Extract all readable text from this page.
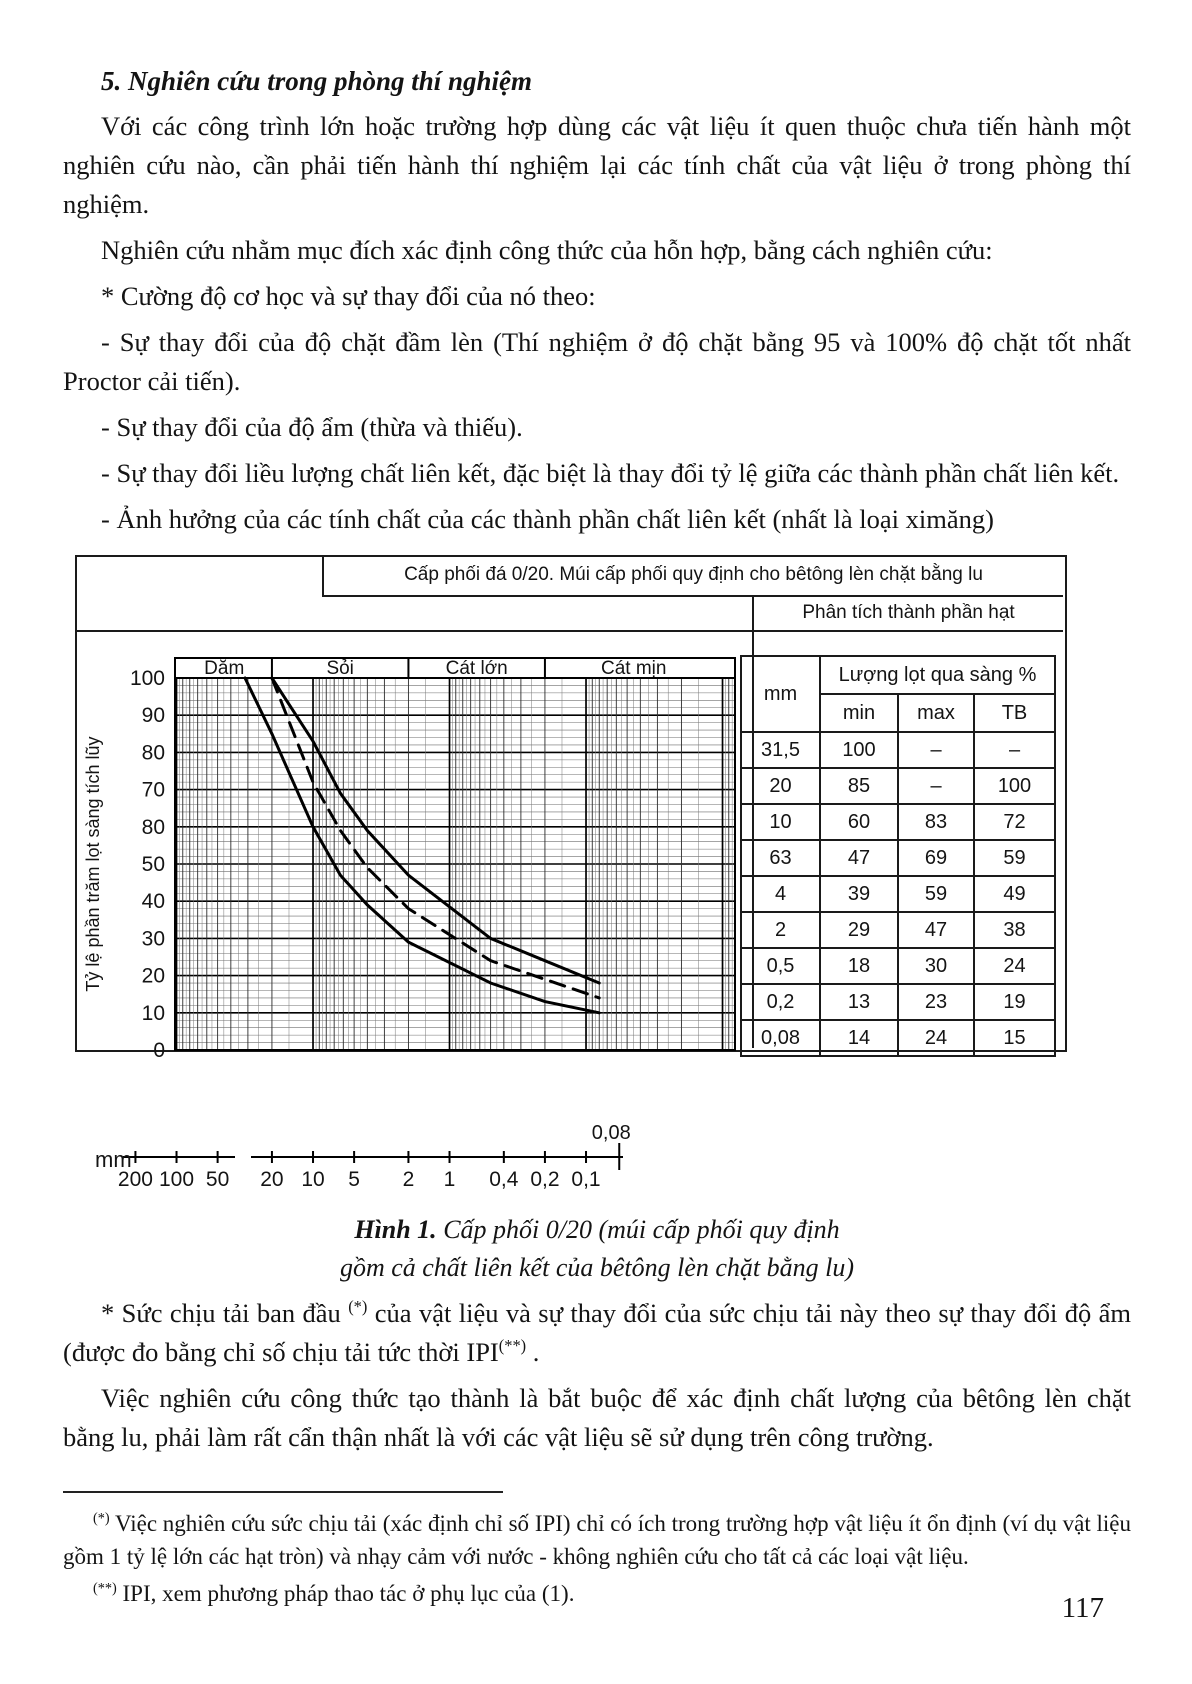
5. Nghiên cứu trong phòng thí nghiệm

Với các công trình lớn hoặc trường hợp dùng các vật liệu ít quen thuộc chưa tiến hành một nghiên cứu nào, cần phải tiến hành thí nghiệm lại các tính chất của vật liệu ở trong phòng thí nghiệm.

Nghiên cứu nhằm mục đích xác định công thức của hỗn hợp, bằng cách nghiên cứu:

* Cường độ cơ học và sự thay đổi của nó theo:

- Sự thay đổi của độ chặt đầm lèn (Thí nghiệm ở độ chặt bằng 95 và 100% độ chặt tốt nhất Proctor cải tiến).

- Sự thay đổi của độ ẩm (thừa và thiếu).

- Sự thay đổi liều lượng chất liên kết, đặc biệt là thay đổi tỷ lệ giữa các thành phần chất liên kết.

- Ảnh hưởng của các tính chất của các thành phần chất liên kết (nhất là loại ximăng)

Cấp phối đá 0/20. Múi cấp phối quy định cho bêtông lèn chặt bằng lu
Phân tích thành phần hạt
Dăm	Sỏi	Cát lớn	Cát mịn
100
90
80
70
80
50
40
30
20
10
0
Tỷ lệ phần trăm lọt sàng tích lũy
mm
200 100 50 20 10 5 2 1 0,4 0,2 0,1
0,08
mm	Lượng lọt qua sàng %		
	min	max	TB
31,5	100	–	–
20	85	–	100
10	60	83	72
63	47	69	59
4	39	59	49
2	29	47	38
0,5	18	30	24
0,2	13	23	19
0,08	14	24	15
Hình 1. Cấp phối 0/20 (múi cấp phối quy định
gồm cả chất liên kết của bêtông lèn chặt bằng lu)

* Sức chịu tải ban đầu (*) của vật liệu và sự thay đổi của sức chịu tải này theo sự thay đổi độ ẩm (được đo bằng chỉ số chịu tải tức thời IPI(**) .

Việc nghiên cứu công thức tạo thành là bắt buộc để xác định chất lượng của bêtông lèn chặt bằng lu, phải làm rất cẩn thận nhất là với các vật liệu sẽ sử dụng trên công trường.

(*) Việc nghiên cứu sức chịu tải (xác định chỉ số IPI) chỉ có ích trong trường hợp vật liệu ít ổn định (ví dụ vật liệu gồm 1 tỷ lệ lớn các hạt tròn) và nhạy cảm với nước - không nghiên cứu cho tất cả các loại vật liệu.

(**) IPI, xem phương pháp thao tác ở phụ lục của (1).	117
